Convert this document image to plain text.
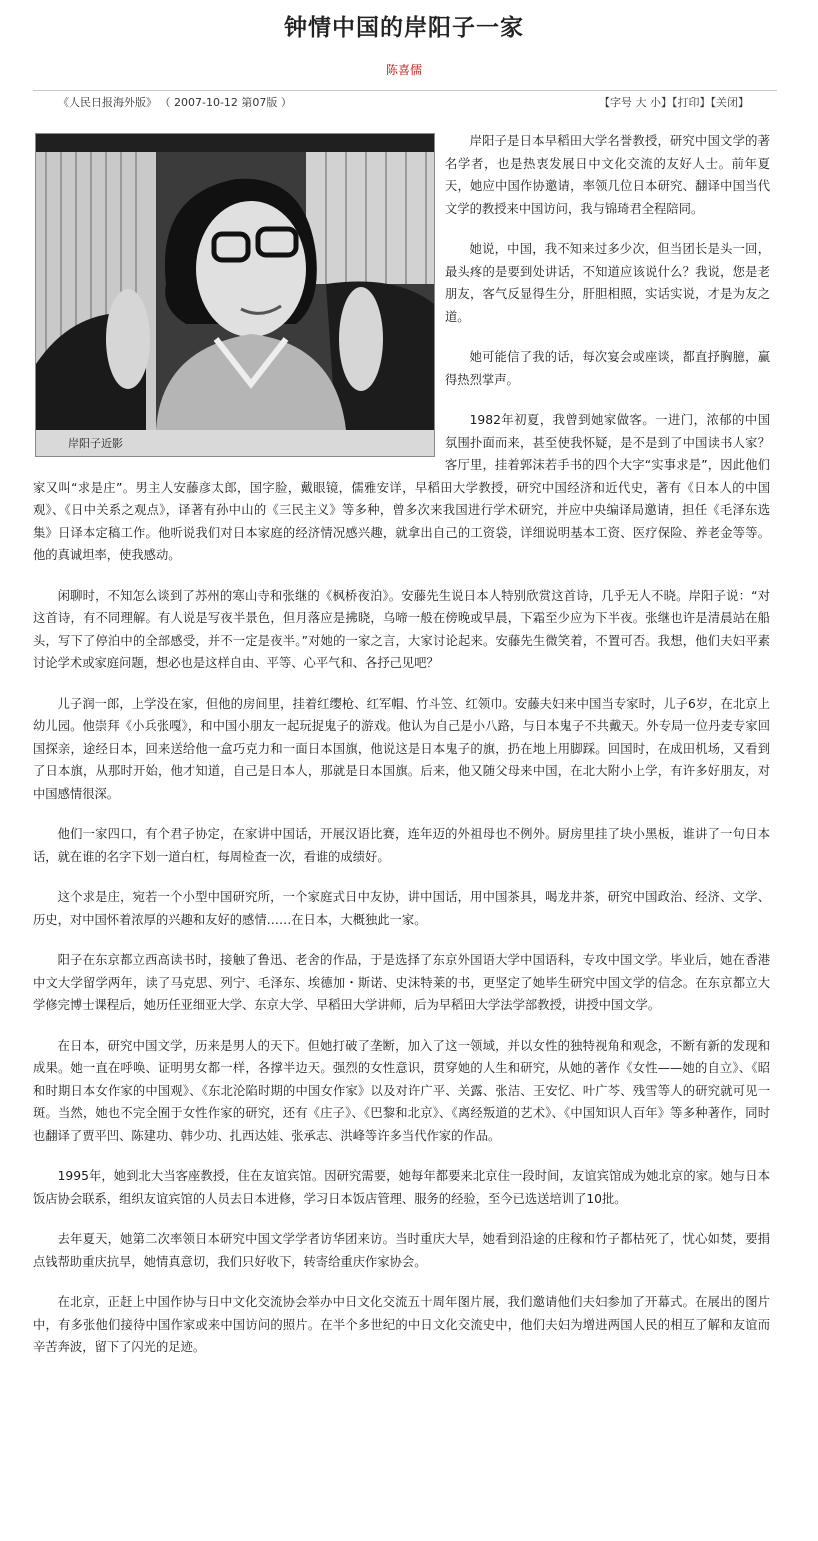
钟情中国的岸阳子一家
陈喜儒
《人民日报海外版》 （ 2007-10-12 第07版 ）	【字号 大 小】【打印】【关闭】
岸阳子近影

岸阳子是日本早稻田大学名誉教授，研究中国文学的著名学者，也是热衷发展日中文化交流的友好人士。前年夏天，她应中国作协邀请，率领几位日本研究、翻译中国当代文学的教授来中国访问，我与锦琦君全程陪同。

她说，中国，我不知来过多少次，但当团长是头一回，最头疼的是要到处讲话，不知道应该说什么？我说，您是老朋友，客气反显得生分，肝胆相照，实话实说，才是为友之道。

她可能信了我的话，每次宴会或座谈，都直抒胸臆，赢得热烈掌声。

1982年初夏，我曾到她家做客。一进门，浓郁的中国氛围扑面而来，甚至使我怀疑，是不是到了中国读书人家？客厅里，挂着郭沫若手书的四个大字“实事求是”，因此他们家又叫“求是庄”。男主人安藤彦太郎，国字脸，戴眼镜，儒雅安详，早稻田大学教授，研究中国经济和近代史，著有《日本人的中国观》、《日中关系之观点》，译著有孙中山的《三民主义》等多种，曾多次来我国进行学术研究，并应中央编译局邀请，担任《毛泽东选集》日译本定稿工作。他听说我们对日本家庭的经济情况感兴趣，就拿出自己的工资袋，详细说明基本工资、医疗保险、养老金等等。他的真诚坦率，使我感动。

闲聊时，不知怎么谈到了苏州的寒山寺和张继的《枫桥夜泊》。安藤先生说日本人特别欣赏这首诗，几乎无人不晓。岸阳子说：“对这首诗，有不同理解。有人说是写夜半景色，但月落应是拂晓，乌啼一般在傍晚或早晨，下霜至少应为下半夜。张继也许是清晨站在船头，写下了停泊中的全部感受，并不一定是夜半。”对她的一家之言，大家讨论起来。安藤先生微笑着，不置可否。我想，他们夫妇平素讨论学术或家庭问题，想必也是这样自由、平等、心平气和、各抒己见吧？

儿子润一郎，上学没在家，但他的房间里，挂着红缨枪、红军帽、竹斗笠、红领巾。安藤夫妇来中国当专家时，儿子6岁，在北京上幼儿园。他崇拜《小兵张嘎》，和中国小朋友一起玩捉鬼子的游戏。他认为自己是小八路，与日本鬼子不共戴天。外专局一位丹麦专家回国探亲，途经日本，回来送给他一盒巧克力和一面日本国旗，他说这是日本鬼子的旗，扔在地上用脚踩。回国时，在成田机场，又看到了日本旗，从那时开始，他才知道，自己是日本人，那就是日本国旗。后来，他又随父母来中国，在北大附小上学，有许多好朋友，对中国感情很深。

他们一家四口，有个君子协定，在家讲中国话，开展汉语比赛，连年迈的外祖母也不例外。厨房里挂了块小黑板，谁讲了一句日本话，就在谁的名字下划一道白杠，每周检查一次，看谁的成绩好。

这个求是庄，宛若一个小型中国研究所，一个家庭式日中友协，讲中国话，用中国茶具，喝龙井茶，研究中国政治、经济、文学、历史，对中国怀着浓厚的兴趣和友好的感情……在日本，大概独此一家。

阳子在东京都立西高读书时，接触了鲁迅、老舍的作品，于是选择了东京外国语大学中国语科，专攻中国文学。毕业后，她在香港中文大学留学两年，读了马克思、列宁、毛泽东、埃德加・斯诺、史沫特莱的书，更坚定了她毕生研究中国文学的信念。在东京都立大学修完博士课程后，她历任亚细亚大学、东京大学、早稻田大学讲师，后为早稻田大学法学部教授，讲授中国文学。

在日本，研究中国文学，历来是男人的天下。但她打破了垄断，加入了这一领域，并以女性的独特视角和观念，不断有新的发现和成果。她一直在呼唤、证明男女都一样，各撑半边天。强烈的女性意识，贯穿她的人生和研究，从她的著作《女性——她的自立》、《昭和时期日本女作家的中国观》、《东北沦陷时期的中国女作家》以及对许广平、关露、张洁、王安忆、叶广芩、残雪等人的研究就可见一斑。当然，她也不完全囿于女性作家的研究，还有《庄子》、《巴黎和北京》、《离经叛道的艺术》、《中国知识人百年》等多种著作，同时也翻译了贾平凹、陈建功、韩少功、扎西达娃、张承志、洪峰等许多当代作家的作品。

1995年，她到北大当客座教授，住在友谊宾馆。因研究需要，她每年都要来北京住一段时间，友谊宾馆成为她北京的家。她与日本饭店协会联系，组织友谊宾馆的人员去日本进修，学习日本饭店管理、服务的经验，至今已选送培训了10批。

去年夏天，她第二次率领日本研究中国文学学者访华团来访。当时重庆大旱，她看到沿途的庄稼和竹子都枯死了，忧心如焚，要捐点钱帮助重庆抗旱，她情真意切，我们只好收下，转寄给重庆作家协会。

在北京，正赶上中国作协与日中文化交流协会举办中日文化交流五十周年图片展，我们邀请他们夫妇参加了开幕式。在展出的图片中，有多张他们接待中国作家或来中国访问的照片。在半个多世纪的中日文化交流史中，他们夫妇为增进两国人民的相互了解和友谊而辛苦奔波，留下了闪光的足迹。
